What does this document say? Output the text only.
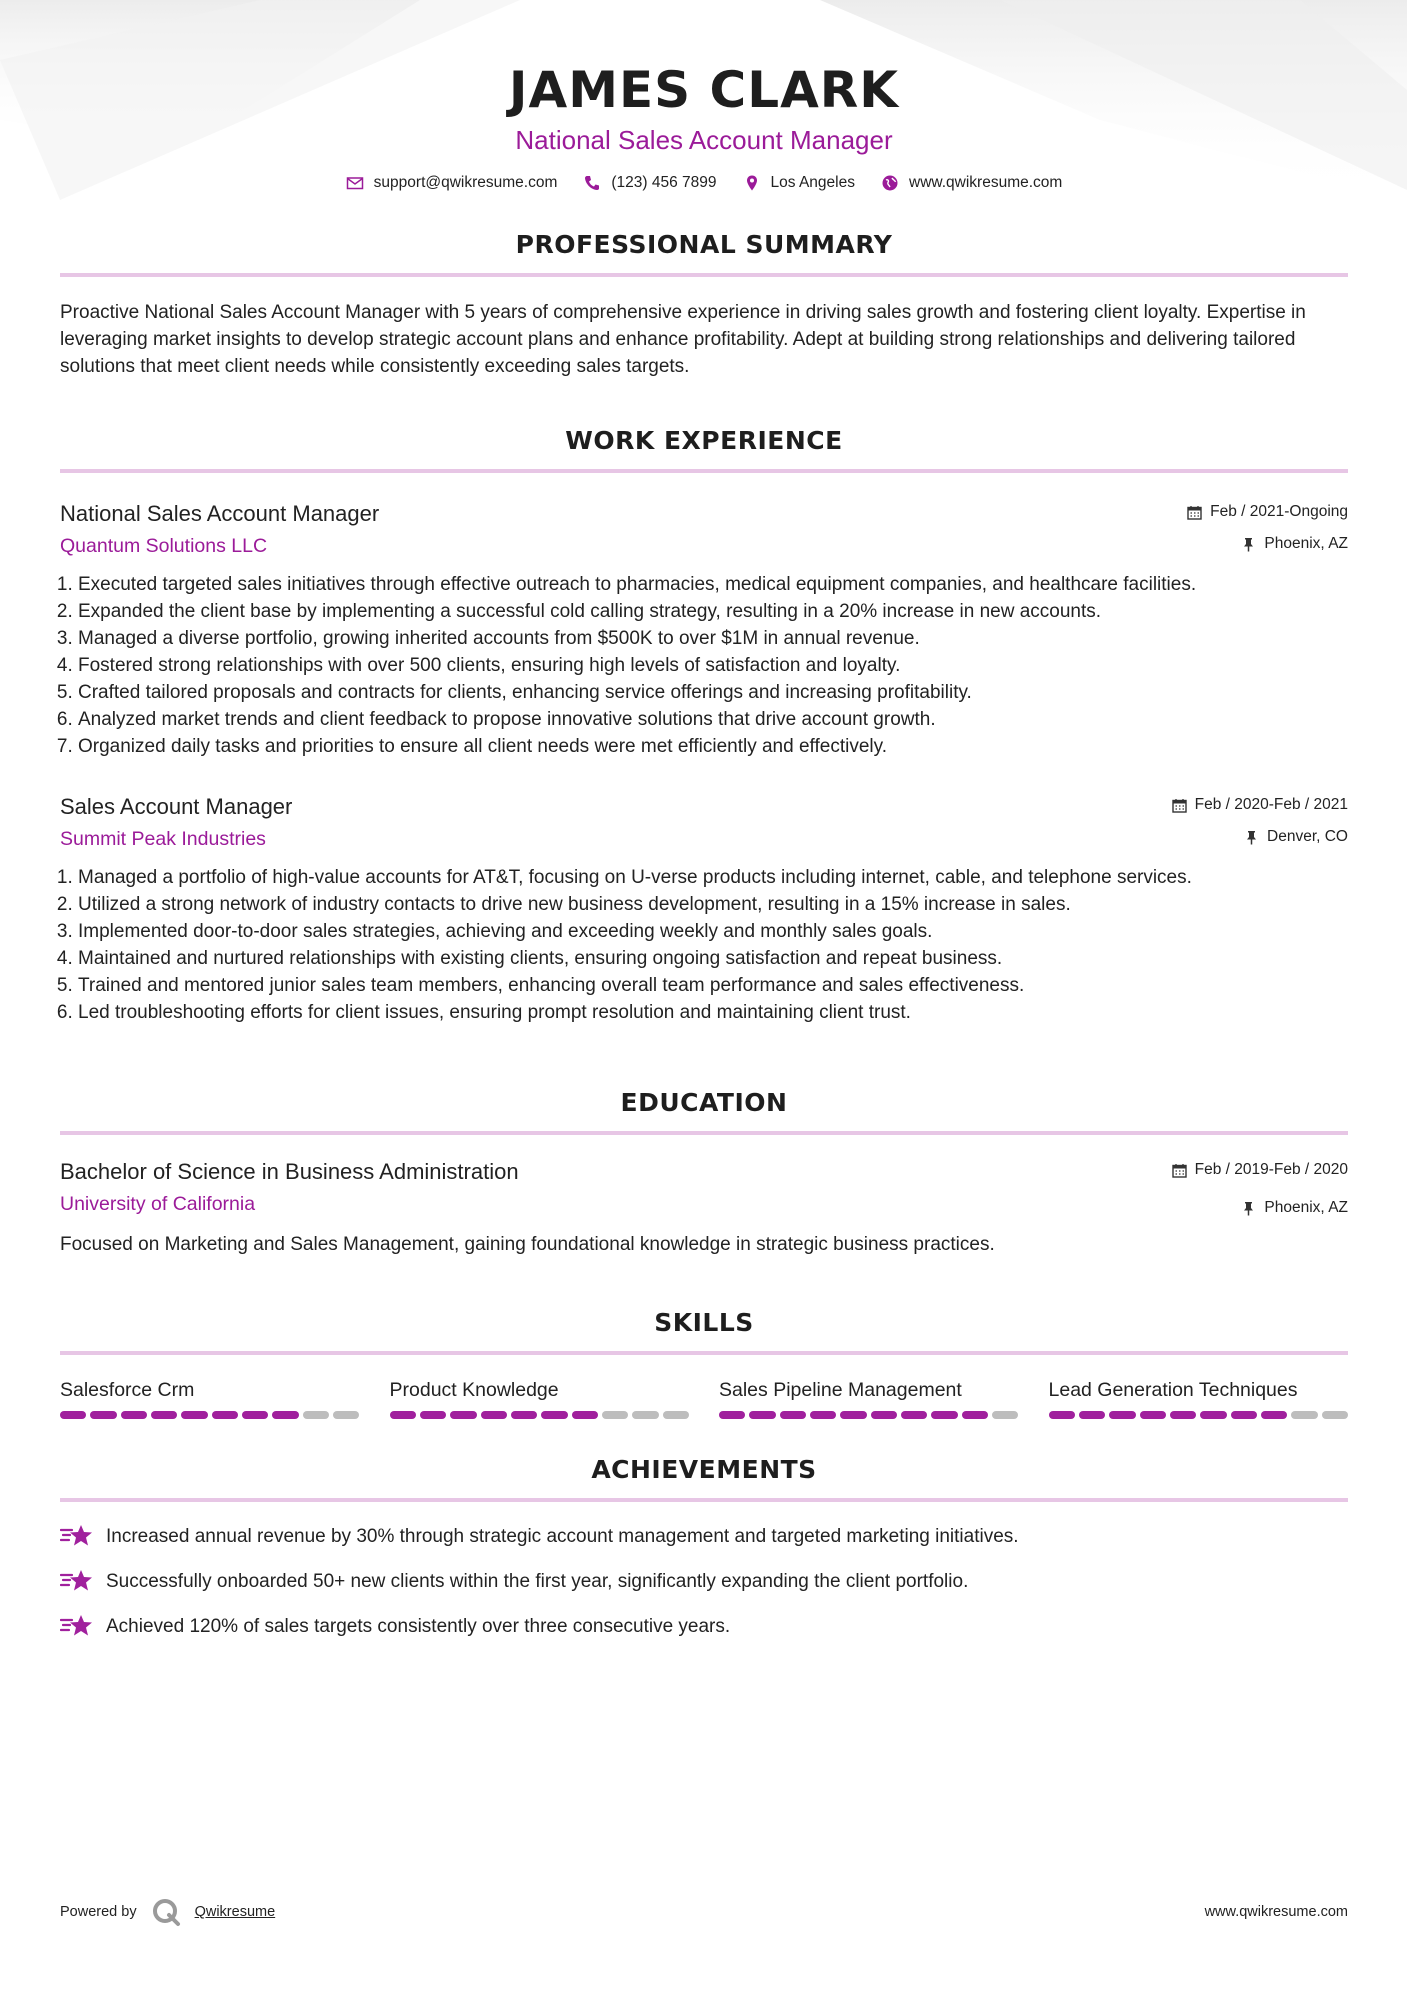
JAMES CLARK
National Sales Account Manager
support@qwikresume.com	(123) 456 7899	Los Angeles	www.qwikresume.com
PROFESSIONAL SUMMARY

Proactive National Sales Account Manager with 5 years of comprehensive experience in driving sales growth and fostering client loyalty. Expertise in leveraging market insights to develop strategic account plans and enhance profitability. Adept at building strong relationships and delivering tailored solutions that meet client needs while consistently exceeding sales targets.

WORK EXPERIENCE
National Sales Account Manager
Quantum Solutions LLC
Feb / 2021-Ongoing
Phoenix, AZ
1. Executed targeted sales initiatives through effective outreach to pharmacies, medical equipment companies, and healthcare facilities.
2. Expanded the client base by implementing a successful cold calling strategy, resulting in a 20% increase in new accounts.
3. Managed a diverse portfolio, growing inherited accounts from $500K to over $1M in annual revenue.
4. Fostered strong relationships with over 500 clients, ensuring high levels of satisfaction and loyalty.
5. Crafted tailored proposals and contracts for clients, enhancing service offerings and increasing profitability.
6. Analyzed market trends and client feedback to propose innovative solutions that drive account growth.
7. Organized daily tasks and priorities to ensure all client needs were met efficiently and effectively.
Sales Account Manager
Summit Peak Industries
Feb / 2020-Feb / 2021
Denver, CO
1. Managed a portfolio of high-value accounts for AT&T, focusing on U-verse products including internet, cable, and telephone services.
2. Utilized a strong network of industry contacts to drive new business development, resulting in a 15% increase in sales.
3. Implemented door-to-door sales strategies, achieving and exceeding weekly and monthly sales goals.
4. Maintained and nurtured relationships with existing clients, ensuring ongoing satisfaction and repeat business.
5. Trained and mentored junior sales team members, enhancing overall team performance and sales effectiveness.
6. Led troubleshooting efforts for client issues, ensuring prompt resolution and maintaining client trust.
EDUCATION
Bachelor of Science in Business Administration
University of California
Feb / 2019-Feb / 2020
Phoenix, AZ

Focused on Marketing and Sales Management, gaining foundational knowledge in strategic business practices.

SKILLS
Salesforce Crm	Product Knowledge	Sales Pipeline Management	Lead Generation Techniques
ACHIEVEMENTS
Increased annual revenue by 30% through strategic account management and targeted marketing initiatives.
Successfully onboarded 50+ new clients within the first year, significantly expanding the client portfolio.
Achieved 120% of sales targets consistently over three consecutive years.
Powered by	Qwikresume	www.qwikresume.com
